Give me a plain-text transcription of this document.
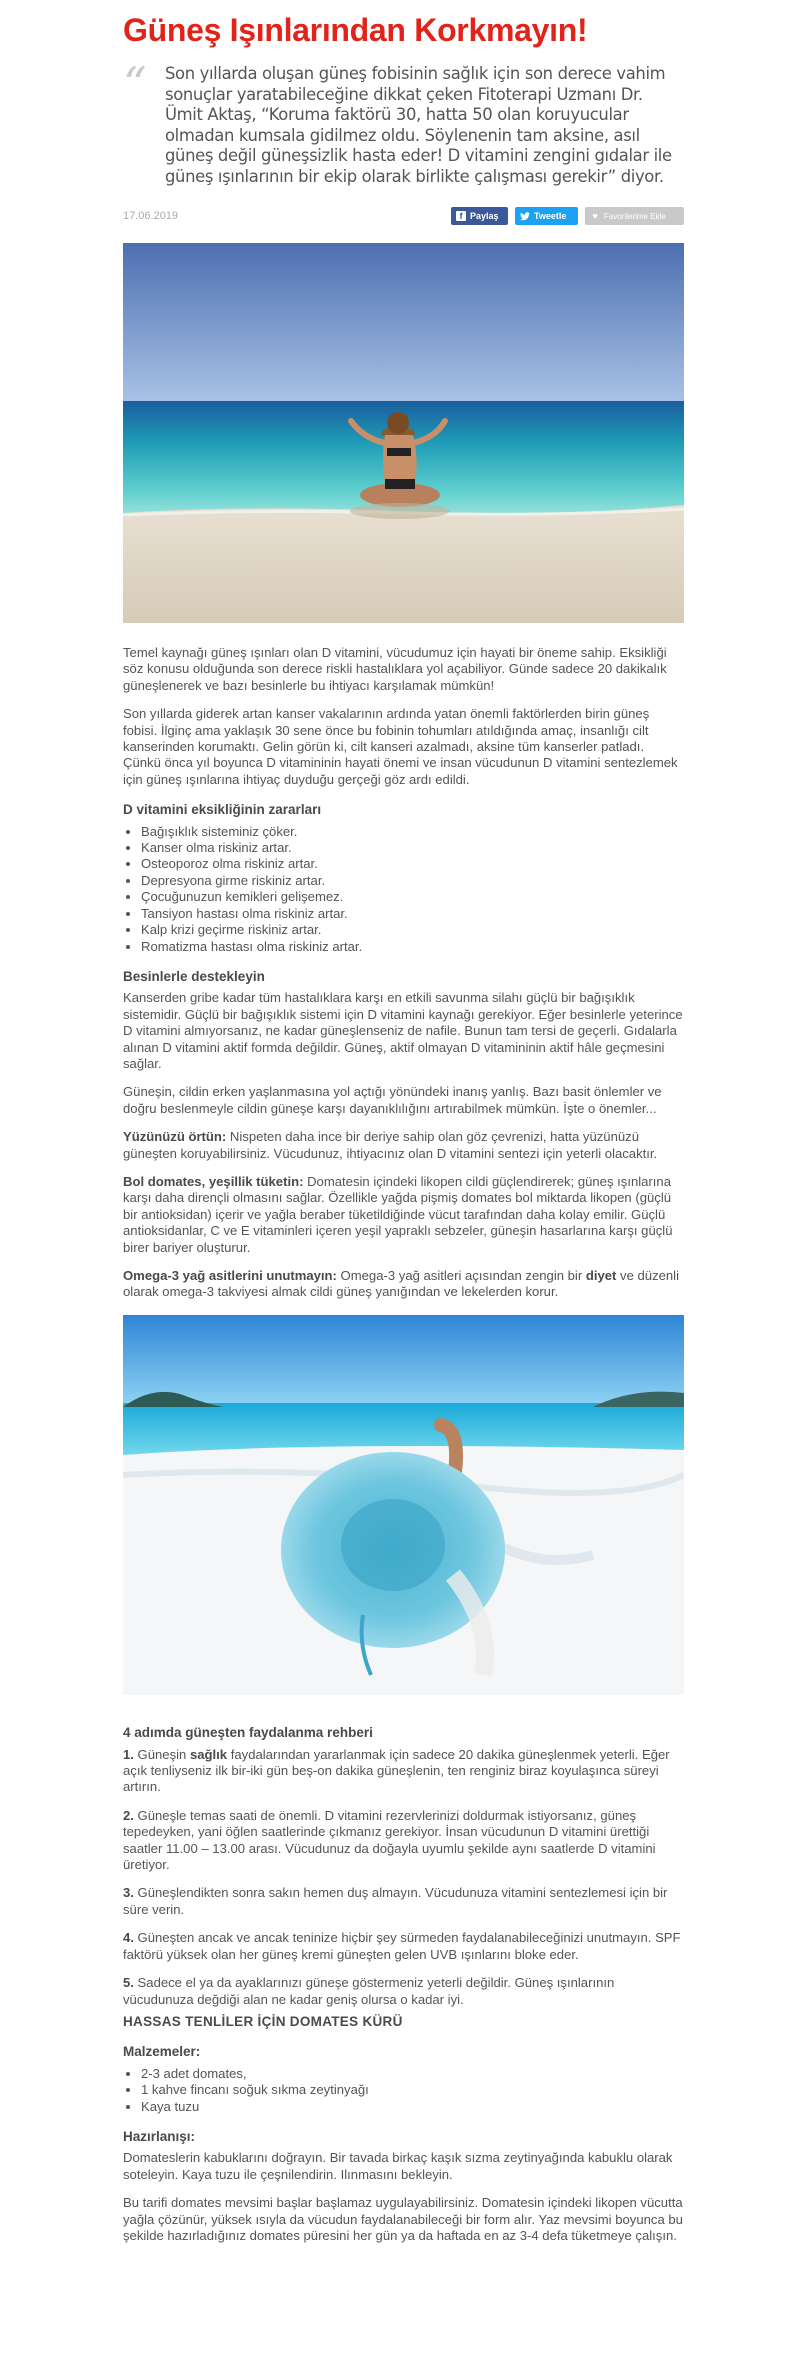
Güneş Işınlarından Korkmayın!
“	Son yıllarda oluşan güneş fobisinin sağlık için son derece vahim sonuçlar yaratabileceğine dikkat çeken Fitoterapi Uzmanı Dr. Ümit Aktaş, “Koruma faktörü 30, hatta 50 olan koruyucular olmadan kumsala gidilmez oldu. Söylenenin tam aksine, asıl güneş değil güneşsizlik hasta eder! D vitamini zengini gıdalar ile güneş ışınlarının bir ekip olarak birlikte çalışması gerekir” diyor.
17.06.2019	f Paylaş	Tweetle	♥ Favorilerime Ekle

Temel kaynağı güneş ışınları olan D vitamini, vücudumuz için hayati bir öneme sahip. Eksikliği söz konusu olduğunda son derece riskli hastalıklara yol açabiliyor. Günde sadece 20 dakikalık güneşlenerek ve bazı besinlerle bu ihtiyacı karşılamak mümkün!

Son yıllarda giderek artan kanser vakalarının ardında yatan önemli faktörlerden birin güneş fobisi. İlginç ama yaklaşık 30 sene önce bu fobinin tohumları atıldığında amaç, insanlığı cilt kanserinden korumaktı. Gelin görün ki, cilt kanseri azalmadı, aksine tüm kanserler patladı. Çünkü önca yıl boyunca D vitamininin hayati önemi ve insan vücudunun D vitamini sentezlemek için güneş ışınlarına ihtiyaç duyduğu gerçeği göz ardı edildi.

D vitamini eksikliğinin zararları
• Bağışıklık sisteminiz çöker.
• Kanser olma riskiniz artar.
• Osteoporoz olma riskiniz artar.
• Depresyona girme riskiniz artar.
• Çocuğunuzun kemikleri gelişemez.
• Tansiyon hastası olma riskiniz artar.
• Kalp krizi geçirme riskiniz artar.
• Romatizma hastası olma riskiniz artar.
Besinlerle destekleyin

Kanserden gribe kadar tüm hastalıklara karşı en etkili savunma silahı güçlü bir bağışıklık sistemidir. Güçlü bir bağışıklık sistemi için D vitamini kaynağı gerekiyor. Eğer besinlerle yeterince D vitamini almıyorsanız, ne kadar güneşlenseniz de nafile. Bunun tam tersi de geçerli. Gıdalarla alınan D vitamini aktif formda değildir. Güneş, aktif olmayan D vitamininin aktif hâle geçmesini sağlar.

Güneşin, cildin erken yaşlanmasına yol açtığı yönündeki inanış yanlış. Bazı basit önlemler ve doğru beslenmeyle cildin güneşe karşı dayanıklılığını artırabilmek mümkün. İşte o önemler...

Yüzünüzü örtün: Nispeten daha ince bir deriye sahip olan göz çevrenizi, hatta yüzünüzü güneşten koruyabilirsiniz. Vücudunuz, ihtiyacınız olan D vitamini sentezi için yeterli olacaktır.

Bol domates, yeşillik tüketin: Domatesin içindeki likopen cildi güçlendirerek; güneş ışınlarına karşı daha dirençli olmasını sağlar. Özellikle yağda pişmiş domates bol miktarda likopen (güçlü bir antioksidan) içerir ve yağla beraber tüketildiğinde vücut tarafından daha kolay emilir. Güçlü antioksidanlar, C ve E vitaminleri içeren yeşil yapraklı sebzeler, güneşin hasarlarına karşı güçlü birer bariyer oluşturur.

Omega-3 yağ asitlerini unutmayın: Omega-3 yağ asitleri açısından zengin bir diyet ve düzenli olarak omega-3 takviyesi almak cildi güneş yanığından ve lekelerden korur.

4 adımda güneşten faydalanma rehberi

1. Güneşin sağlık faydalarından yararlanmak için sadece 20 dakika güneşlenmek yeterli. Eğer açık tenliyseniz ilk bir-iki gün beş-on dakika güneşlenin, ten renginiz biraz koyulaşınca süreyi artırın.

2. Güneşle temas saati de önemli. D vitamini rezervlerinizi doldurmak istiyorsanız, güneş tepedeyken, yani öğlen saatlerinde çıkmanız gerekiyor. İnsan vücudunun D vitamini ürettiği saatler 11.00 – 13.00 arası. Vücudunuz da doğayla uyumlu şekilde aynı saatlerde D vitamini üretiyor.

3. Güneşlendikten sonra sakın hemen duş almayın. Vücudunuza vitamini sentezlemesi için bir süre verin.

4. Güneşten ancak ve ancak teninize hiçbir şey sürmeden faydalanabileceğinizi unutmayın. SPF faktörü yüksek olan her güneş kremi güneşten gelen UVB ışınlarını bloke eder.

5. Sadece el ya da ayaklarınızı güneşe göstermeniz yeterli değildir. Güneş ışınlarının vücudunuza değdiği alan ne kadar geniş olursa o kadar iyi.

HASSAS TENLİLER İÇİN DOMATES KÜRÜ
Malzemeler:
• 2-3 adet domates,
• 1 kahve fincanı soğuk sıkma zeytinyağı
• Kaya tuzu
Hazırlanışı:

Domateslerin kabuklarını doğrayın. Bir tavada birkaç kaşık sızma zeytinyağında kabuklu olarak soteleyin. Kaya tuzu ile çeşnilendirin. Ilınmasını bekleyin.

Bu tarifi domates mevsimi başlar başlamaz uygulayabilirsiniz. Domatesin içindeki likopen vücutta yağla çözünür, yüksek ısıyla da vücudun faydalanabileceği bir form alır. Yaz mevsimi boyunca bu şekilde hazırladığınız domates püresini her gün ya da haftada en az 3-4 defa tüketmeye çalışın.
